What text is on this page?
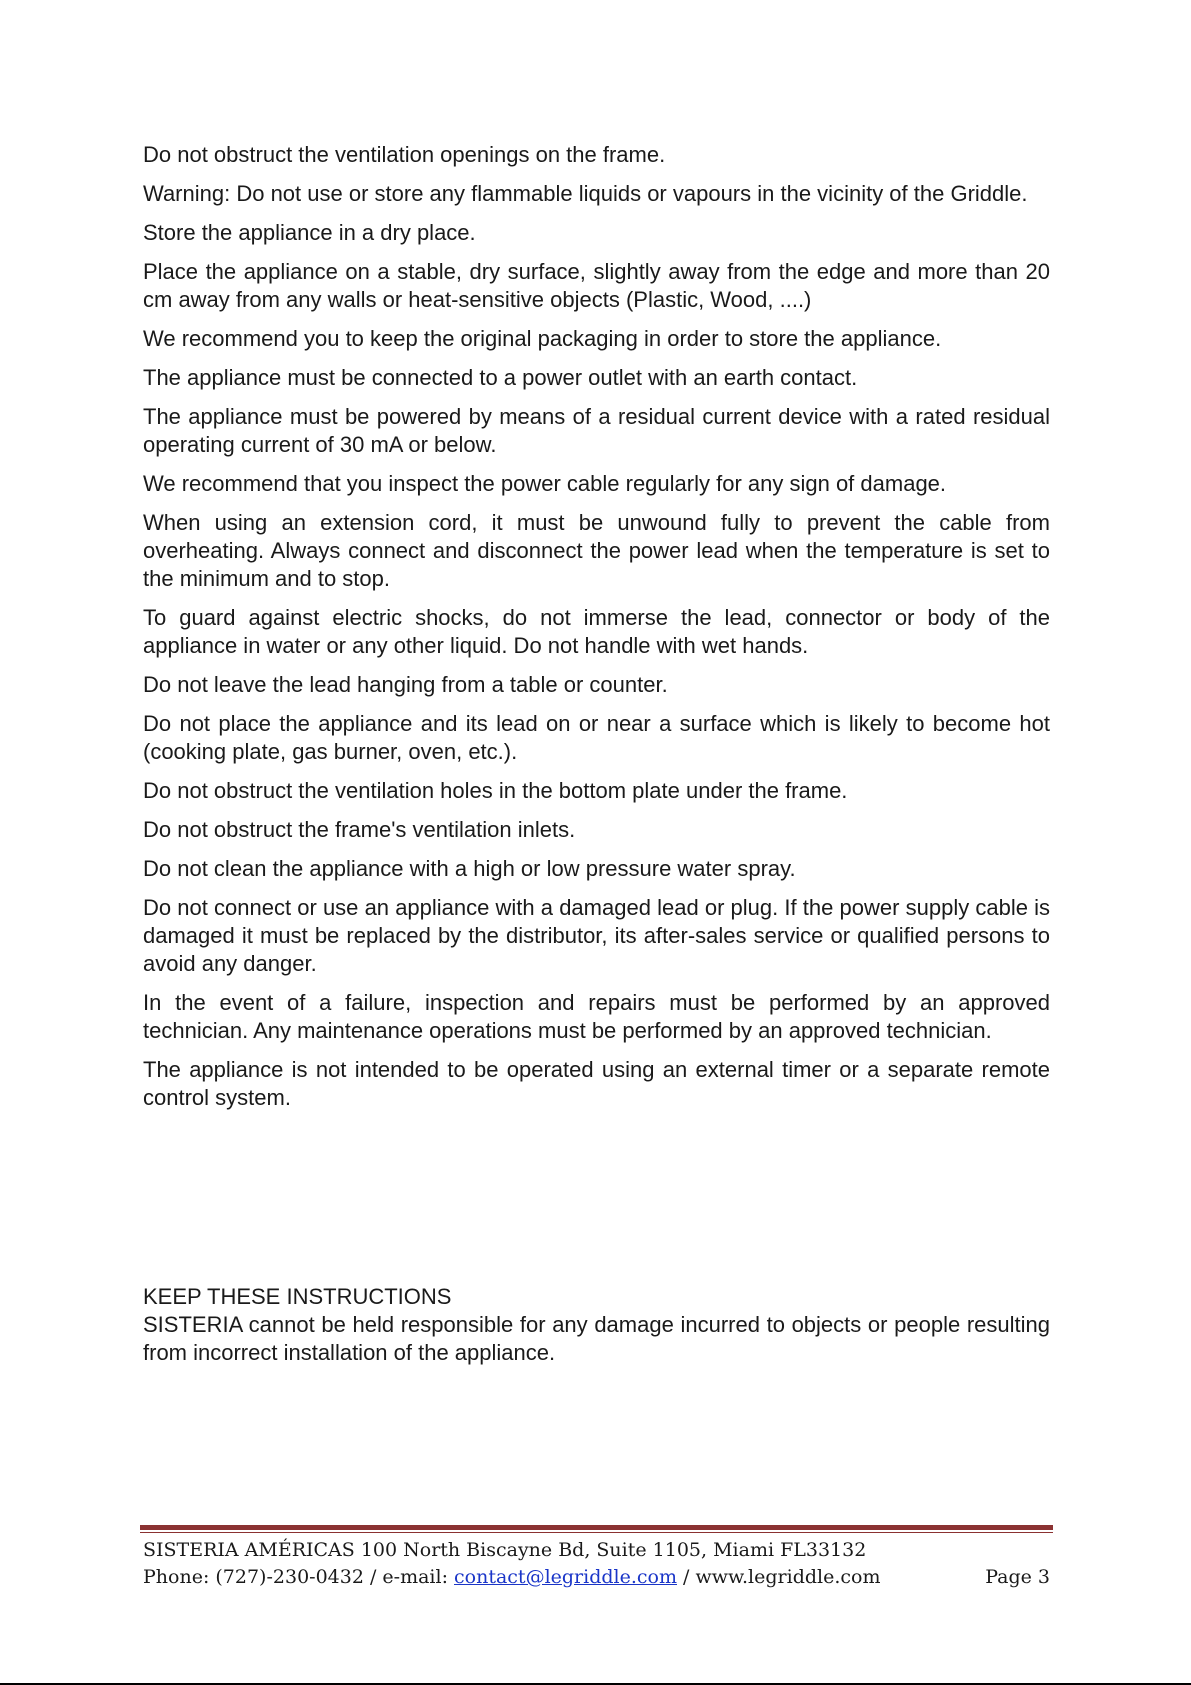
Do not obstruct the ventilation openings on the frame.

Warning: Do not use or store any flammable liquids or vapours in the vicinity of the Griddle.

Store the appliance in a dry place.

Place the appliance on a stable, dry surface, slightly away from the edge and more than 20 cm away from any walls or heat-sensitive objects (Plastic, Wood, ....)

We recommend you to keep the original packaging in order to store the appliance.

The appliance must be connected to a power outlet with an earth contact.

The appliance must be powered by means of a residual current device with a rated residual operating current of 30 mA or below.

We recommend that you inspect the power cable regularly for any sign of damage.

When using an extension cord, it must be unwound fully to prevent the cable from overheating. Always connect and disconnect the power lead when the temperature is set to the minimum and to stop.

To guard against electric shocks, do not immerse the lead, connector or body of the appliance in water or any other liquid. Do not handle with wet hands.

Do not leave the lead hanging from a table or counter.

Do not place the appliance and its lead on or near a surface which is likely to become hot (cooking plate, gas burner, oven, etc.).

Do not obstruct the ventilation holes in the bottom plate under the frame.

Do not obstruct the frame's ventilation inlets.

Do not clean the appliance with a high or low pressure water spray.

Do not connect or use an appliance with a damaged lead or plug. If the power supply cable is damaged it must be replaced by the distributor, its after-sales service or qualified persons to avoid any danger.

In the event of a failure, inspection and repairs must be performed by an approved technician. Any maintenance operations must be performed by an approved technician.

The appliance is not intended to be operated using an external timer or a separate remote control system.

KEEP THESE INSTRUCTIONS

SISTERIA cannot be held responsible for any damage incurred to objects or people resulting from incorrect installation of the appliance.

SISTERIA AMÉRICAS 100 North Biscayne Bd, Suite 1105, Miami FL33132
Phone: (727)-230-0432 / e-mail: contact@legriddle.com / www.legriddle.com	Page 3
